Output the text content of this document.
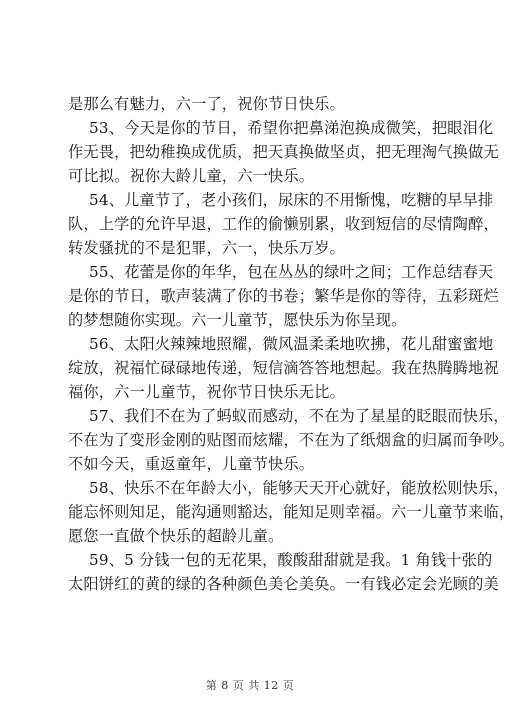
是那么有魅力，六一了，祝你节日快乐。
53、今天是你的节日，希望你把鼻涕泡换成微笑，把眼泪化
作无畏，把幼稚换成优质，把天真换做坚贞，把无理淘气换做无
可比拟。祝你大龄儿童，六一快乐。
54、儿童节了，老小孩们，尿床的不用惭愧，吃糖的早早排
队，上学的允许早退，工作的偷懒别累，收到短信的尽情陶醉，
转发骚扰的不是犯罪，六一，快乐万岁。
55、花蕾是你的年华，包在丛丛的绿叶之间；工作总结春天
是你的节日，歌声装满了你的书卷；繁华是你的等待，五彩斑烂
的梦想随你实现。六一儿童节，愿快乐为你呈现。
56、太阳火辣辣地照耀，微风温柔柔地吹拂，花儿甜蜜蜜地
绽放，祝福忙碌碌地传递，短信滴答答地想起。我在热腾腾地祝
福你，六一儿童节，祝你节日快乐无比。
57、我们不在为了蚂蚁而感动，不在为了星星的眨眼而快乐，
不在为了变形金刚的贴图而炫耀，不在为了纸烟盒的归属而争吵。
不如今天，重返童年，儿童节快乐。
58、快乐不在年龄大小，能够天天开心就好，能放松则快乐，
能忘怀则知足，能沟通则豁达，能知足则幸福。六一儿童节来临，
愿您一直做个快乐的超龄儿童。
59、5 分钱一包的无花果，酸酸甜甜就是我。1 角钱十张的
太阳饼红的黄的绿的各种颜色美仑美奂。一有钱必定会光顾的美
第 8 页 共 12 页
